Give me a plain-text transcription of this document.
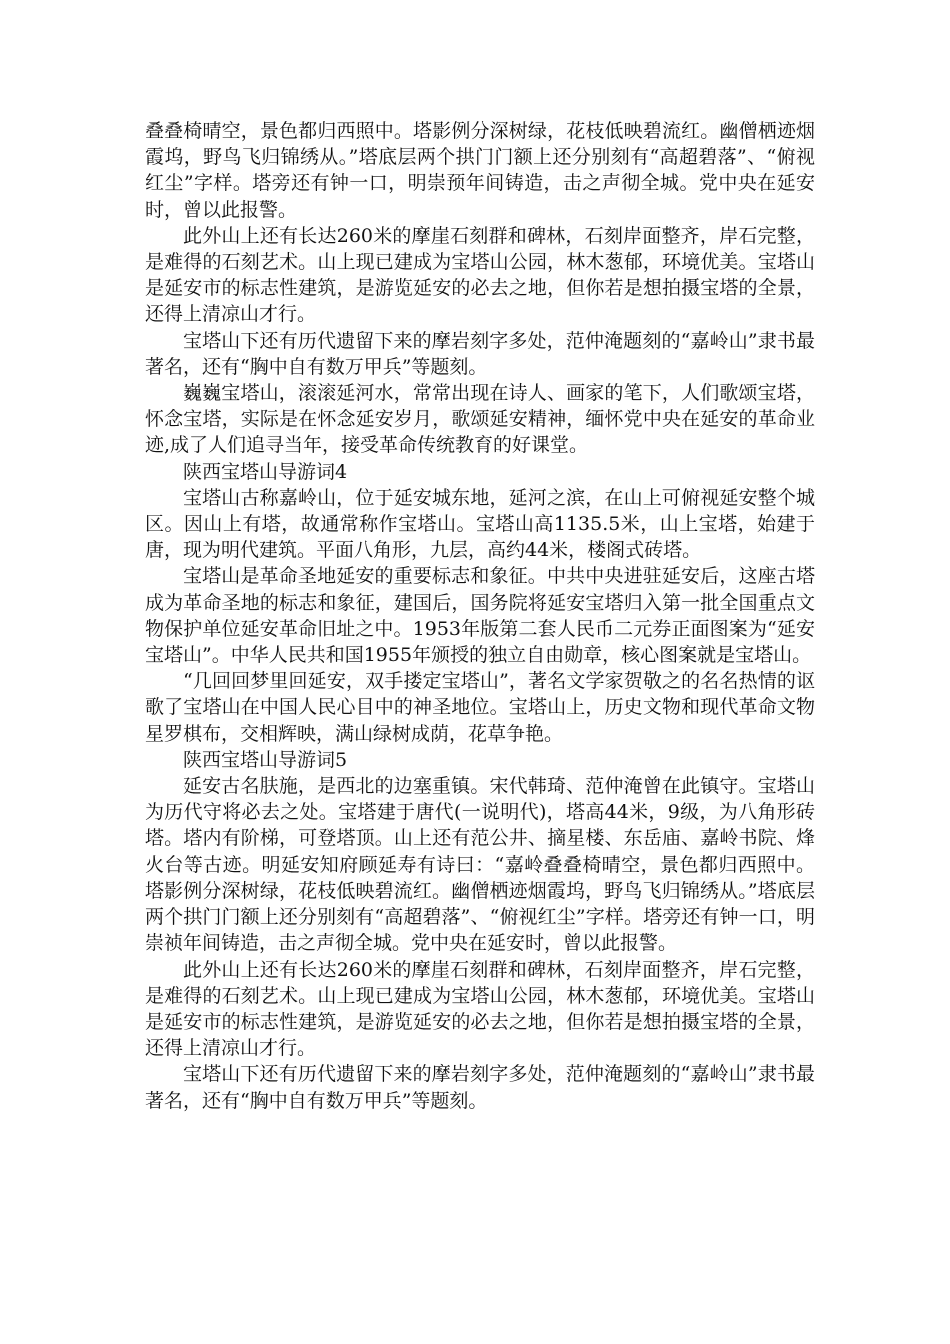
叠叠椅晴空，景色都归西照中。塔影例分深树绿，花枝低映碧流红。幽僧栖迹烟霞坞，野鸟飞归锦绣从。”塔底层两个拱门门额上还分别刻有“高超碧落”、“俯视红尘”字样。塔旁还有钟一口，明崇预年间铸造，击之声彻全城。党中央在延安时，曾以此报警。

此外山上还有长达260米的摩崖石刻群和碑林，石刻岸面整齐，岸石完整，是难得的石刻艺术。山上现已建成为宝塔山公园，林木葱郁，环境优美。宝塔山是延安市的标志性建筑，是游览延安的必去之地，但你若是想拍摄宝塔的全景，还得上清凉山才行。

宝塔山下还有历代遗留下来的摩岩刻字多处，范仲淹题刻的“嘉岭山”隶书最著名，还有“胸中自有数万甲兵”等题刻。

巍巍宝塔山，滚滚延河水，常常出现在诗人、画家的笔下，人们歌颂宝塔，怀念宝塔，实际是在怀念延安岁月，歌颂延安精神，缅怀党中央在延安的革命业迹,成了人们追寻当年，接受革命传统教育的好课堂。

陕西宝塔山导游词4

宝塔山古称嘉岭山，位于延安城东地，延河之滨，在山上可俯视延安整个城区。因山上有塔，故通常称作宝塔山。宝塔山高1135.5米，山上宝塔，始建于唐，现为明代建筑。平面八角形，九层，高约44米，楼阁式砖塔。

宝塔山是革命圣地延安的重要标志和象征。中共中央进驻延安后，这座古塔成为革命圣地的标志和象征，建国后，国务院将延安宝塔归入第一批全国重点文物保护单位延安革命旧址之中。1953年版第二套人民币二元券正面图案为“延安宝塔山”。中华人民共和国1955年颁授的独立自由勋章，核心图案就是宝塔山。

“几回回梦里回延安，双手搂定宝塔山”，著名文学家贺敬之的名名热情的讴歌了宝塔山在中国人民心目中的神圣地位。宝塔山上，历史文物和现代革命文物星罗棋布，交相辉映，满山绿树成荫，花草争艳。

陕西宝塔山导游词5

延安古名肤施，是西北的边塞重镇。宋代韩琦、范仲淹曾在此镇守。宝塔山为历代守将必去之处。宝塔建于唐代(一说明代)，塔高44米，9级，为八角形砖塔。塔内有阶梯，可登塔顶。山上还有范公井、摘星楼、东岳庙、嘉岭书院、烽火台等古迹。明延安知府顾延寿有诗曰：“嘉岭叠叠椅晴空，景色都归西照中。塔影例分深树绿，花枝低映碧流红。幽僧栖迹烟霞坞，野鸟飞归锦绣从。”塔底层两个拱门门额上还分别刻有“高超碧落”、“俯视红尘”字样。塔旁还有钟一口，明崇祯年间铸造，击之声彻全城。党中央在延安时，曾以此报警。

此外山上还有长达260米的摩崖石刻群和碑林，石刻岸面整齐，岸石完整，是难得的石刻艺术。山上现已建成为宝塔山公园，林木葱郁，环境优美。宝塔山是延安市的标志性建筑，是游览延安的必去之地，但你若是想拍摄宝塔的全景，还得上清凉山才行。

宝塔山下还有历代遗留下来的摩岩刻字多处，范仲淹题刻的“嘉岭山”隶书最 著名，还有“胸中自有数万甲兵”等题刻。
